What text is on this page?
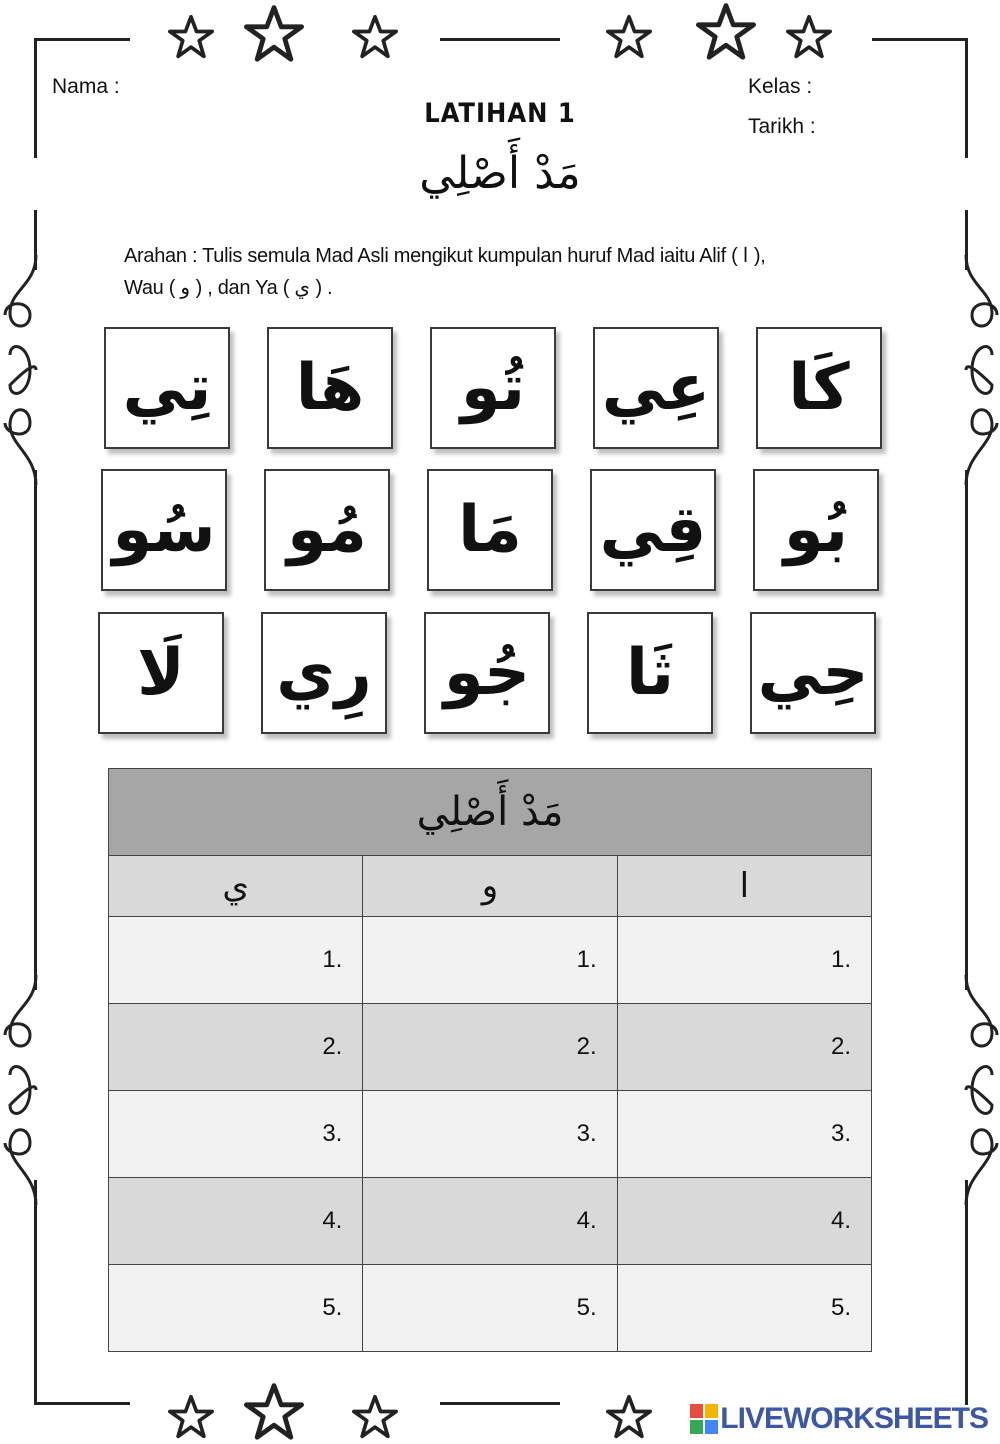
Nama :	Kelas :
Tarikh :
LATIHAN 1
مَدْ أَصْلِي
Arahan : Tulis semula Mad Asli mengikut kumpulan huruf Mad iaitu Alif ( ا ),
Wau ( و ) , dan Ya ( ي ) .
تِي هَا تُو عِي كَا
سُو مُو مَا قِي بُو
لَا رِي جُو ثَا حِي
مَدْ أَصْلِي		
ي	و	ا
1.	1.	1.
2.	2.	2.
3.	3.	3.
4.	4.	4.
5.	5.	5.
LIVEWORKSHEETS
